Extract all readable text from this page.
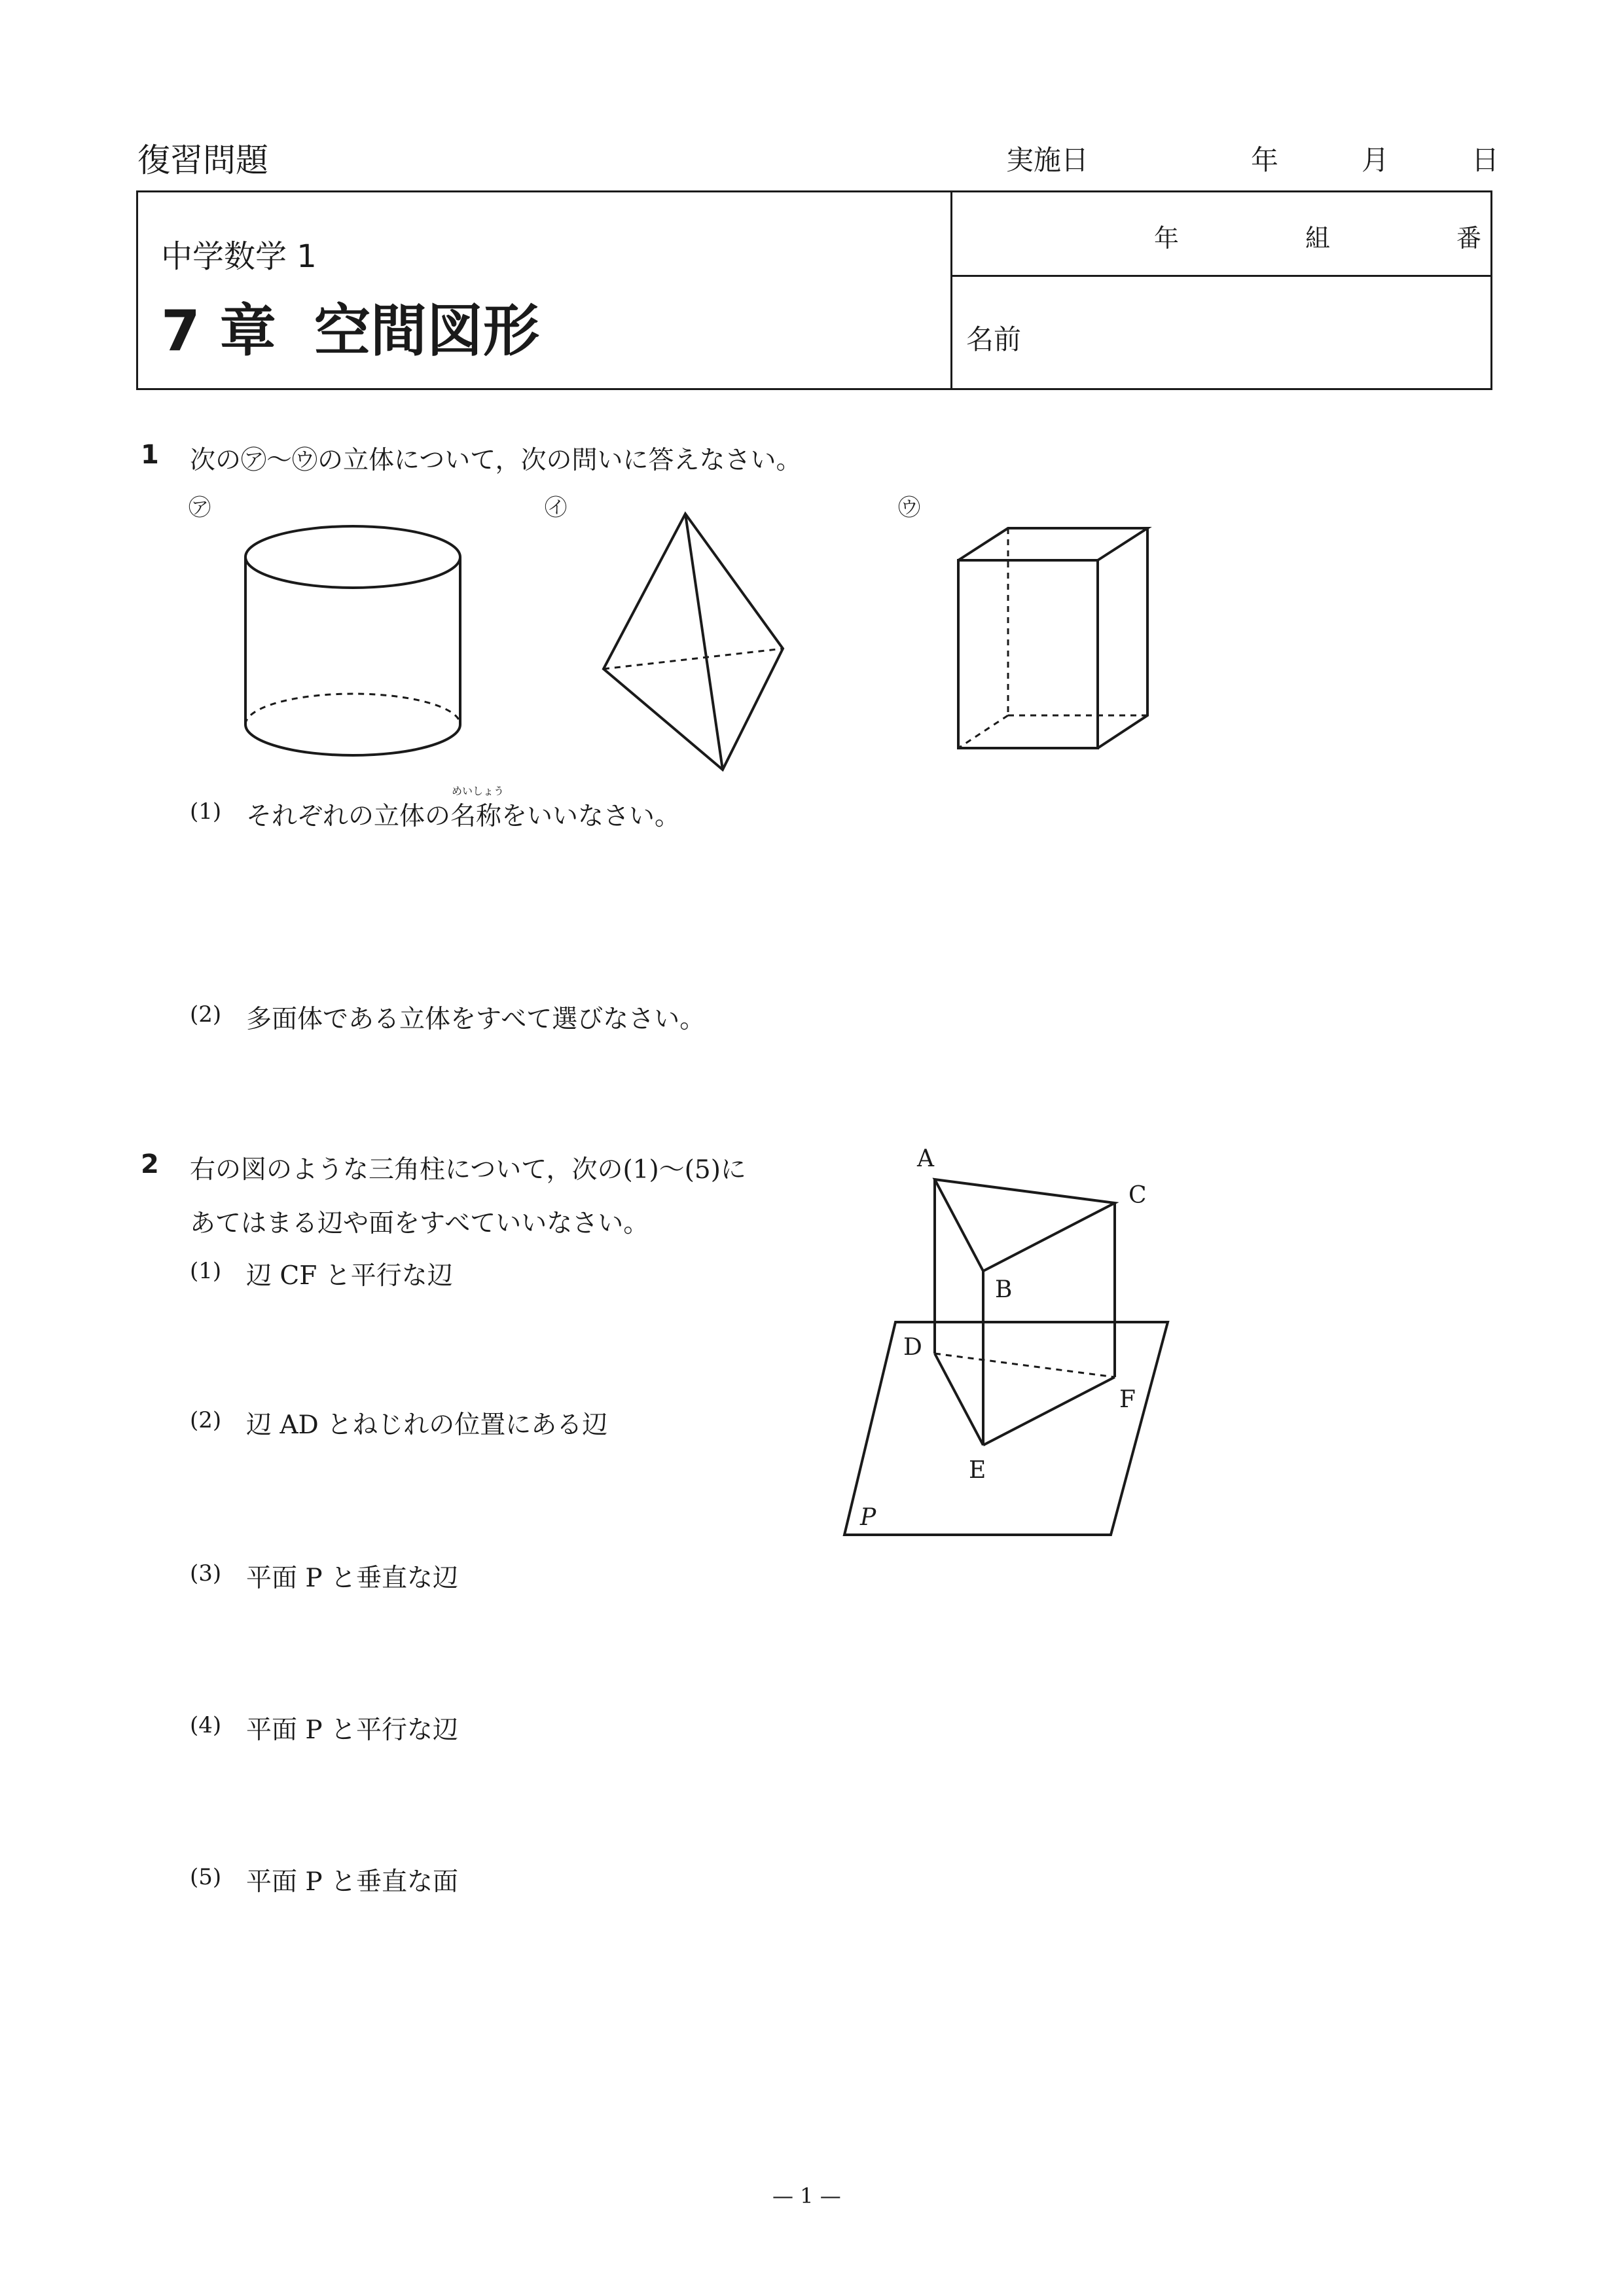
復習問題	実施日	年	月	日
中学数学 1
7 章 空間図形
年	組	番
名前
1 次の㋐～㋒の立体について，次の問いに答えなさい。
㋐	㋑	㋒
(1) それぞれの立体の
めいしょう
名称をいいなさい。
(2) 多面体である立体をすべて選びなさい。
2 右の図のような三角柱について，次の(1)～(5)に
あてはまる辺や面をすべていいなさい。
(1) 辺 CF と平行な辺
(2) 辺 AD とねじれの位置にある辺
(3) 平面 P と垂直な辺
(4) 平面 P と平行な辺
(5) 平面 P と垂直な面
A
C
B
D
F
E
P
— 1 —
